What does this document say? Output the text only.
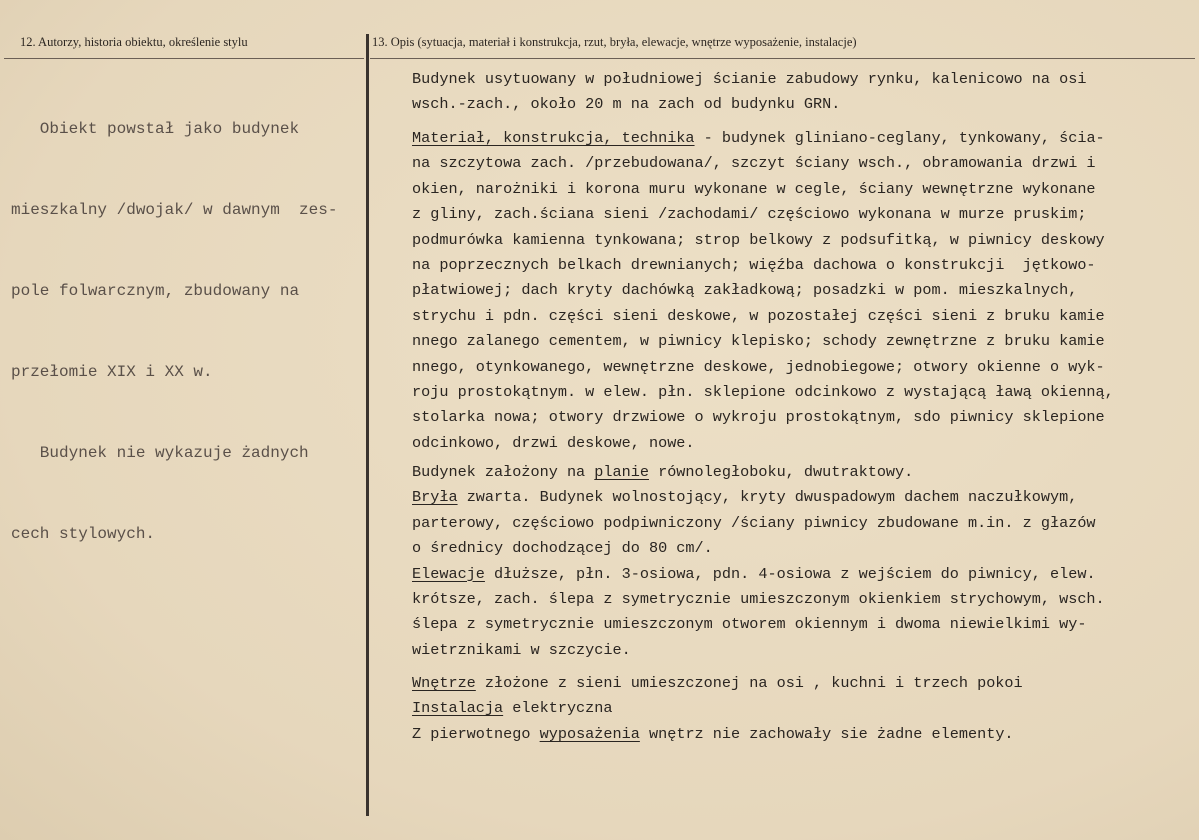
12. Autorzy, historia obiektu, określenie stylu	13. Opis (sytuacja, materiał i konstrukcja, rzut, bryła, elewacje, wnętrze wyposażenie, instalacje)

Obiekt powstał jako budynek

mieszkalny /dwojak/ w dawnym  zes-

pole folwarcznym, zbudowany na

przełomie XIX i XX w.

Budynek nie wykazuje żadnych

cech stylowych.

Budynek usytuowany w południowej ścianie zabudowy rynku, kalenicowo na osi
wsch.-zach., około 20 m na zach od budynku GRN.
Materiał, konstrukcja, technika - budynek gliniano-ceglany, tynkowany, ścia-
na szczytowa zach. /przebudowana/, szczyt ściany wsch., obramowania drzwi i
okien, narożniki i korona muru wykonane w cegle, ściany wewnętrzne wykonane
z gliny, zach.ściana sieni /zachodami/ częściowo wykonana w murze pruskim;
podmurówka kamienna tynkowana; strop belkowy z podsufitką, w piwnicy deskowy
na poprzecznych belkach drewnianych; więźba dachowa o konstrukcji  jętkowo-
płatwiowej; dach kryty dachówką zakładkową; posadzki w pom. mieszkalnych,
strychu i pdn. części sieni deskowe, w pozostałej części sieni z bruku kamie
nnego zalanego cementem, w piwnicy klepisko; schody zewnętrzne z bruku kamie
nnego, otynkowanego, wewnętrzne deskowe, jednobiegowe; otwory okienne o wyk-
roju prostokątnym. w elew. płn. sklepione odcinkowo z wystającą ławą okienną,
stolarka nowa; otwory drzwiowe o wykroju prostokątnym, sdo piwnicy sklepione
odcinkowo, drzwi deskowe, nowe.
Budynek założony na planie równoległoboku, dwutraktowy.
Bryła zwarta. Budynek wolnostojący, kryty dwuspadowym dachem naczułkowym,
parterowy, częściowo podpiwniczony /ściany piwnicy zbudowane m.in. z głazów
o średnicy dochodzącej do 80 cm/.
Elewacje dłuższe, płn. 3-osiowa, pdn. 4-osiowa z wejściem do piwnicy, elew.
krótsze, zach. ślepa z symetrycznie umieszczonym okienkiem strychowym, wsch.
ślepa z symetrycznie umieszczonym otworem okiennym i dwoma niewielkimi wy-
wietrznikami w szczycie.
Wnętrze złożone z sieni umieszczonej na osi , kuchni i trzech pokoi
Instalacja elektryczna
Z pierwotnego wyposażenia wnętrz nie zachowały sie żadne elementy.
